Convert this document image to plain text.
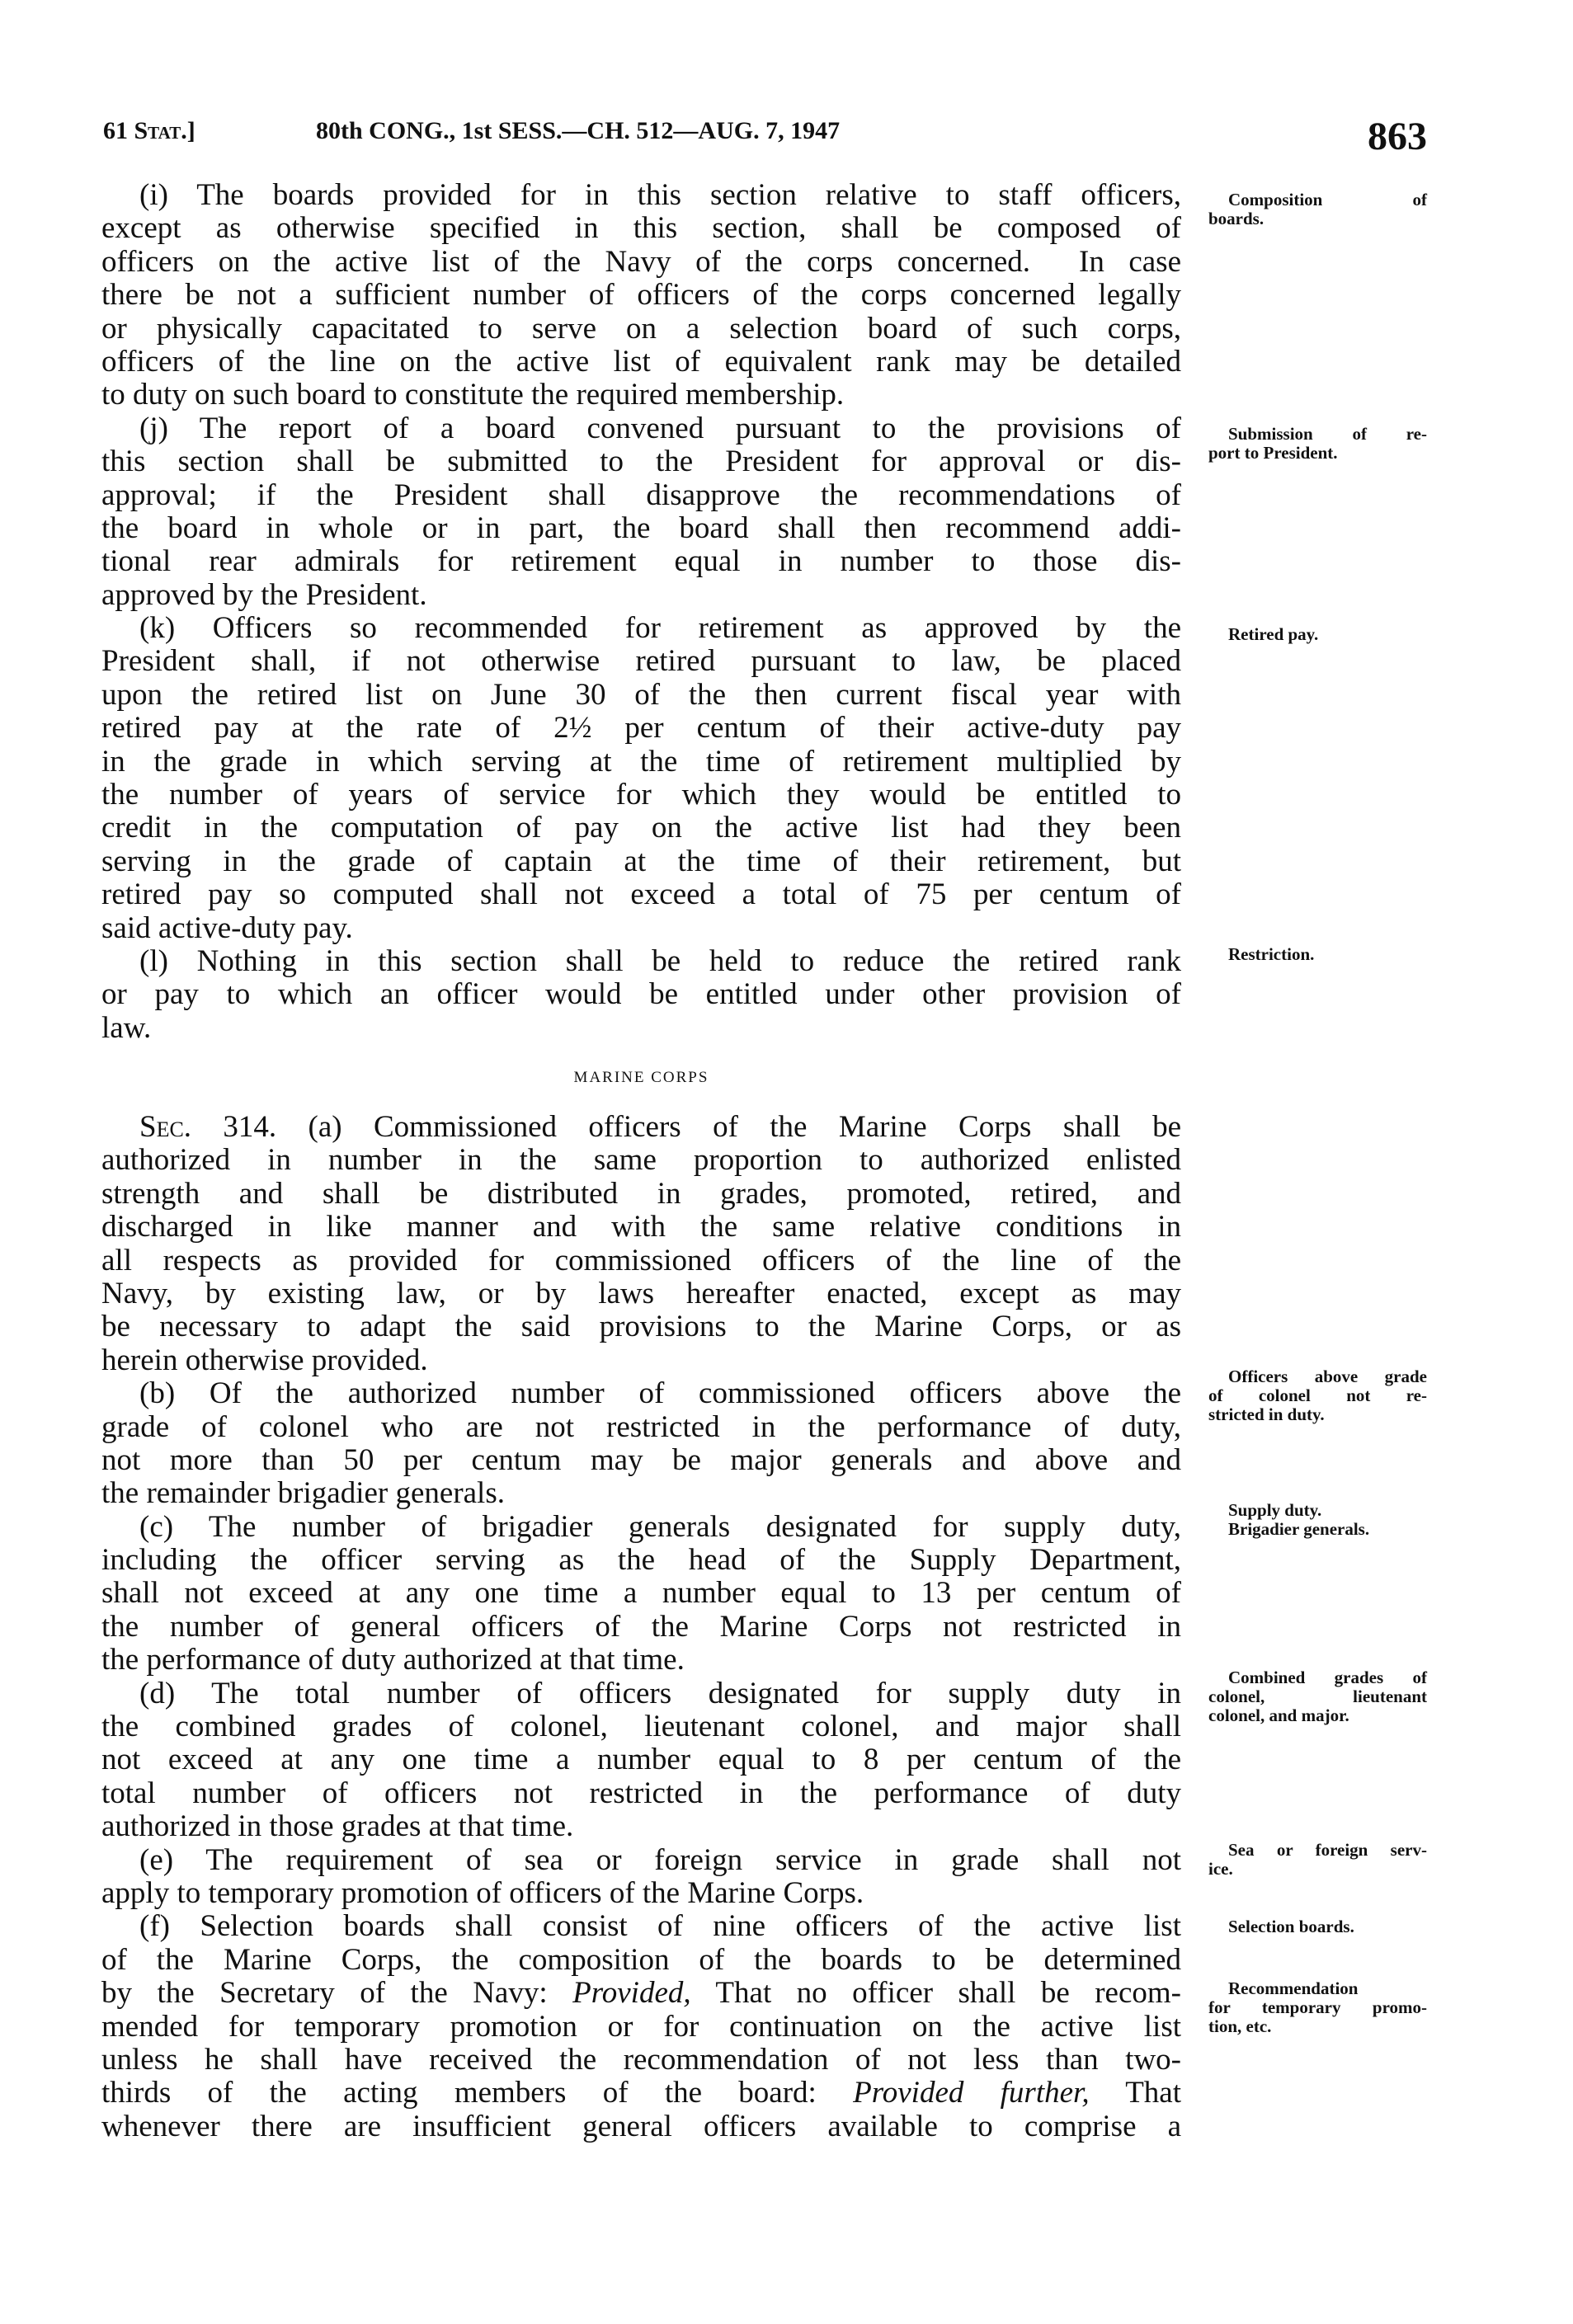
61 Stat.]	80th CONG., 1st SESS.—CH. 512—AUG. 7, 1947	863
(i) The boards provided for in this section relative to staff officers,
except as otherwise specified in this section, shall be composed of
officers on the active list of the Navy of the corps concerned.  In case
there be not a sufficient number of officers of the corps concerned legally
or physically capacitated to serve on a selection board of such corps,
officers of the line on the active list of equivalent rank may be detailed
to duty on such board to constitute the required membership.
(j) The report of a board convened pursuant to the provisions of
this section shall be submitted to the President for approval or dis-
approval; if the President shall disapprove the recommendations of
the board in whole or in part, the board shall then recommend addi-
tional rear admirals for retirement equal in number to those dis-
approved by the President.
(k) Officers so recommended for retirement as approved by the
President shall, if not otherwise retired pursuant to law, be placed
upon the retired list on June 30 of the then current fiscal year with
retired pay at the rate of 2½ per centum of their active-duty pay
in the grade in which serving at the time of retirement multiplied by
the number of years of service for which they would be entitled to
credit in the computation of pay on the active list had they been
serving in the grade of captain at the time of their retirement, but
retired pay so computed shall not exceed a total of 75 per centum of
said active-duty pay.
(l) Nothing in this section shall be held to reduce the retired rank
or pay to which an officer would be entitled under other provision of
law.
MARINE CORPS
Sec. 314. (a) Commissioned officers of the Marine Corps shall be
authorized in number in the same proportion to authorized enlisted
strength and shall be distributed in grades, promoted, retired, and
discharged in like manner and with the same relative conditions in
all respects as provided for commissioned officers of the line of the
Navy, by existing law, or by laws hereafter enacted, except as may
be necessary to adapt the said provisions to the Marine Corps, or as
herein otherwise provided.
(b) Of the authorized number of commissioned officers above the
grade of colonel who are not restricted in the performance of duty,
not more than 50 per centum may be major generals and above and
the remainder brigadier generals.
(c) The number of brigadier generals designated for supply duty,
including the officer serving as the head of the Supply Department,
shall not exceed at any one time a number equal to 13 per centum of
the number of general officers of the Marine Corps not restricted in
the performance of duty authorized at that time.
(d) The total number of officers designated for supply duty in
the combined grades of colonel, lieutenant colonel, and major shall
not exceed at any one time a number equal to 8 per centum of the
total number of officers not restricted in the performance of duty
authorized in those grades at that time.
(e) The requirement of sea or foreign service in grade shall not
apply to temporary promotion of officers of the Marine Corps.
(f) Selection boards shall consist of nine officers of the active list
of the Marine Corps, the composition of the boards to be determined
by the Secretary of the Navy: Provided, That no officer shall be recom-
mended for temporary promotion or for continuation on the active list
unless he shall have received the recommendation of not less than two-
thirds of the acting members of the board: Provided further, That
whenever there are insufficient general officers available to comprise a
Composition of
boards.
Submission of re-
port to President.
Retired pay.
Restriction.
Officers above grade
of colonel not re-
stricted in duty.
Supply duty.
Brigadier generals.
Combined grades of
colonel, lieutenant
colonel, and major.
Sea or foreign serv-
ice.
Selection boards.
Recommendation
for temporary promo-
tion, etc.
